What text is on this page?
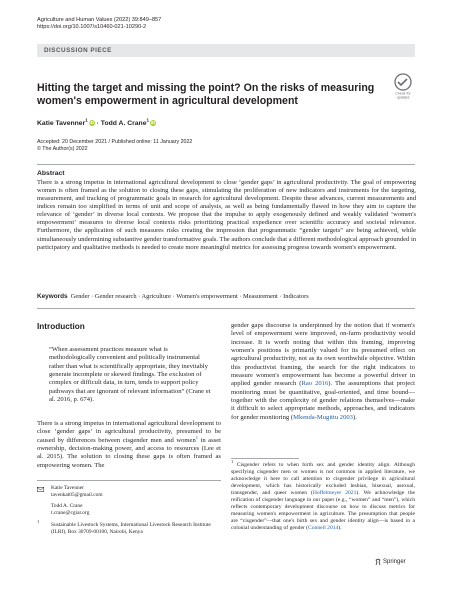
Agriculture and Human Values (2022) 39:849–857
https://doi.org/10.1007/s10460-021-10290-2
DISCUSSION PIECE
Check for
updates
Hitting the target and missing the point? On the risks of measuring women's empowerment in agricultural development
Katie Tavenner$^1$ iD · Todd A. Crane$^1$ iD
Accepted: 20 December 2021 / Published online: 11 January 2022
© The Author(s) 2022
Abstract

There is a strong impetus in international agricultural development to close ‘gender gaps’ in agricultural productivity. The goal of empowering women is often framed as the solution to closing these gaps, stimulating the proliferation of new indicators and instruments for the targeting, measurement, and tracking of programmatic goals in research for agricultural development. Despite these advances, current measurements and indices remain too simplified in terms of unit and scope of analysis, as well as being fundamentally flawed in how they aim to capture the relevance of ‘gender’ in diverse local contexts. We propose that the impulse to apply exogenously defined and weakly validated ‘women's empowerment’ measures to diverse local contexts risks prioritizing practical expedience over scientific accuracy and societal relevance. Furthermore, the application of such measures risks creating the impression that programmatic “gender targets” are being achieved, while simultaneously undermining substantive gender transformative goals. The authors conclude that a different methodological approach grounded in participatory and qualitative methods is needed to create more meaningful metrics for assessing progress towards women's empowerment.

Keywords Gender · Gender research · Agriculture · Women's empowerment · Measurement · Indicators
Introduction

“When assessment practices measure what is methodologically convenient and politically instrumental rather than what is scientifically appropriate, they inevitably generate incomplete or skewed findings. The exclusion of complex or difficult data, in turn, tends to support policy pathways that are ignorant of relevant information” (Crane et al. 2016, p. 674).

There is a strong impetus in international agricultural development to close ‘gender gaps’ in agricultural productivity, presumed to be caused by differences between cisgender men and women$^1$ in asset ownership, decision-making power, and access to resources (Lee et al. 2015). The solution to closing these gaps is often framed as empowering women. The

gender gaps discourse is underpinned by the notion that if women's level of empowerment were improved, on-farm productivity would increase. It is worth noting that within this framing, improving women's positions is primarily valued for its presumed effect on agricultural productivity, not as its own worthwhile objective. Within this productivist framing, the search for the right indicators to measure women's empowerment has become a powerful driver in applied gender research (Rao 2016). The assumptions that project monitoring must be quantitative, goal-oriented, and time bound—together with the complexity of gender relations themselves—make it difficult to select appropriate methods, approaches, and indicators for gender monitoring (Mkenda-Mugittu 2003).

Katie Tavenner
tavenkat05@gmail.com
Todd A. Crane
t.crane@cgiar.org
$^1$
Sustainable Livestock Systems, International Livestock Research Institute (ILRI), Box 30709-00100, Nairobi, Kenya

$^1$ Cisgender refers to when birth sex and gender identity align. Although specifying cisgender men or women is not common in applied literature, we acknowledge it here to call attention to cisgender privilege in agricultural development, which has historically excluded lesbian, bisexual, asexual, transgender, and queer women (Hoffelmeyer 2021). We acknowledge the reification of cisgender language in our paper (e.g., “women” and “men”), which reflects contemporary development discourse on how to discuss metrics for measuring women's empowerment in agriculture. The presumption that people are “cisgender”—that one's birth sex and gender identity align—is based in a colonial understanding of gender (Connell 2014).

Springer
